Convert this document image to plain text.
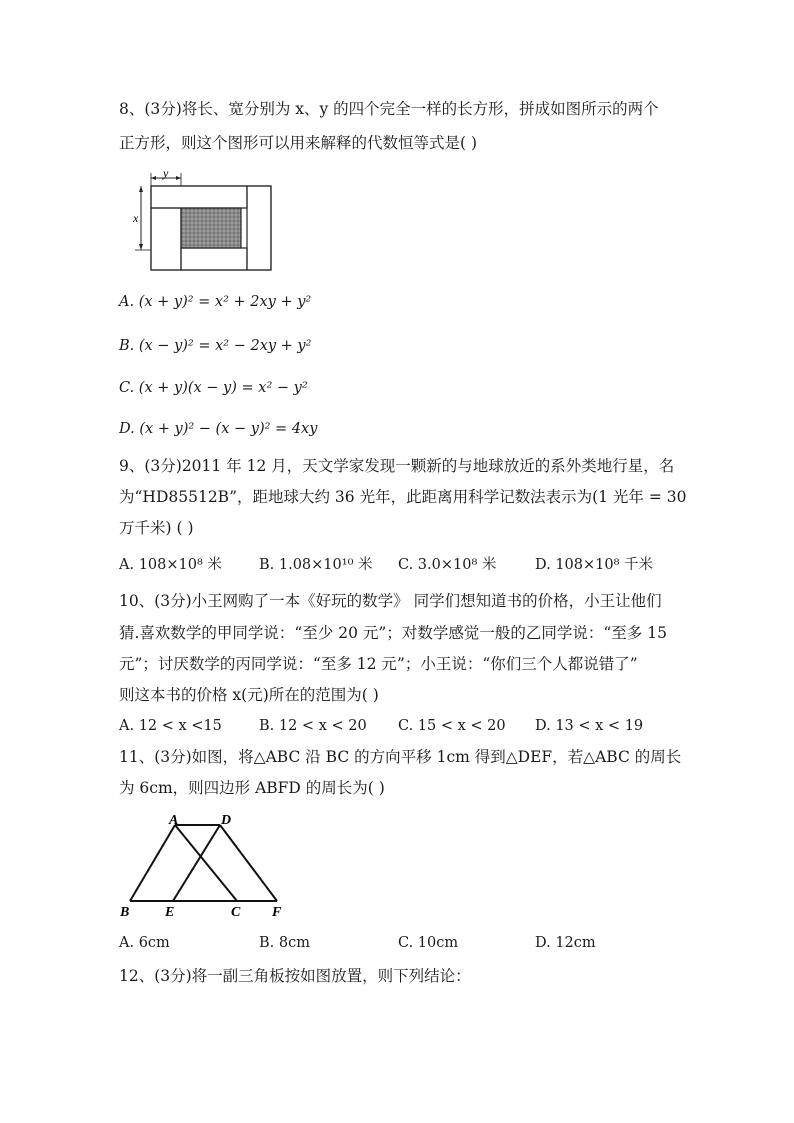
8、(3分)将长、宽分别为 x、y 的四个完全一样的长方形，拼成如图所示的两个
正方形，则这个图形可以用来解释的代数恒等式是( )
y
x
A. (x + y)² = x² + 2xy + y²
B. (x − y)² = x² − 2xy + y²
C. (x + y)(x − y) = x² − y²
D. (x + y)² − (x − y)² = 4xy
9、(3分)2011 年 12 月，天文学家发现一颗新的与地球放近的系外类地行星，名
为“HD85512B”，距地球大约 36 光年，此距离用科学记数法表示为(1 光年 = 30
万千米) ( )
A. 108×10⁸ 米	B. 1.08×10¹⁰ 米 C. 3.0×10⁸ 米	D. 108×10⁸ 千米
10、(3分)小王网购了一本《好玩的数学》 同学们想知道书的价格，小王让他们
猜.喜欢数学的甲同学说：“至少 20 元”；对数学感觉一般的乙同学说：“至多 15
元”；讨厌数学的丙同学说：“至多 12 元”；小王说：“你们三个人都说错了”
则这本书的价格 x(元)所在的范围为( )
A. 12 < x <15	B. 12 < x < 20 C. 15 < x < 20 D. 13 < x < 19
11、(3分)如图，将△ABC 沿 BC 的方向平移 1cm 得到△DEF，若△ABC 的周长
为 6cm，则四边形 ABFD 的周长为( )
A	D
B	E	C F
A. 6cm	B. 8cm	C. 10cm	D. 12cm
12、(3分)将一副三角板按如图放置，则下列结论：
